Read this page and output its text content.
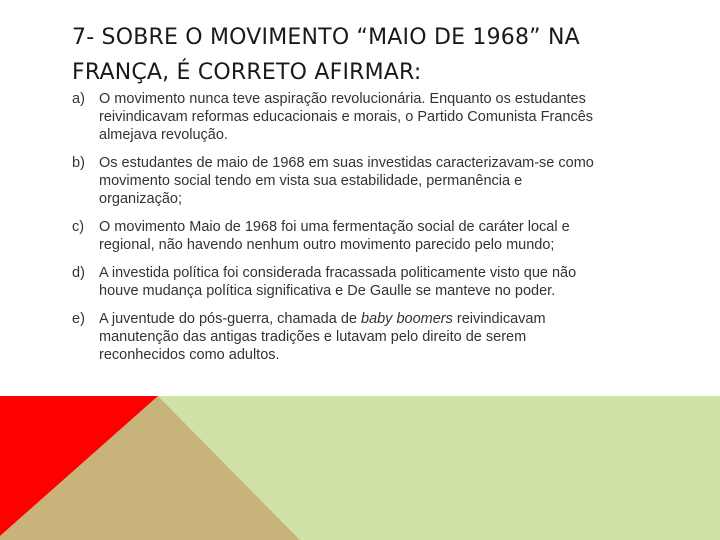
7- SOBRE O MOVIMENTO “MAIO DE 1968” NA
FRANÇA, É CORRETO AFIRMAR:
a) O movimento nunca teve aspiração revolucionária. Enquanto os estudantes
reivindicavam reformas educacionais e morais, o Partido Comunista Francês
almejava revolução.
b) Os estudantes de maio de 1968 em suas investidas caracterizavam-se como
movimento social tendo em vista sua estabilidade, permanência e
organização;
c)	O movimento Maio de 1968 foi uma fermentação social de caráter local e
regional, não havendo nenhum outro movimento parecido pelo mundo;
d) A investida política foi considerada fracassada politicamente visto que não
houve mudança política significativa e De Gaulle se manteve no poder.
e) A juventude do pós-guerra, chamada de baby boomers reivindicavam
manutenção das antigas tradições e lutavam pelo direito de serem
reconhecidos como adultos.
